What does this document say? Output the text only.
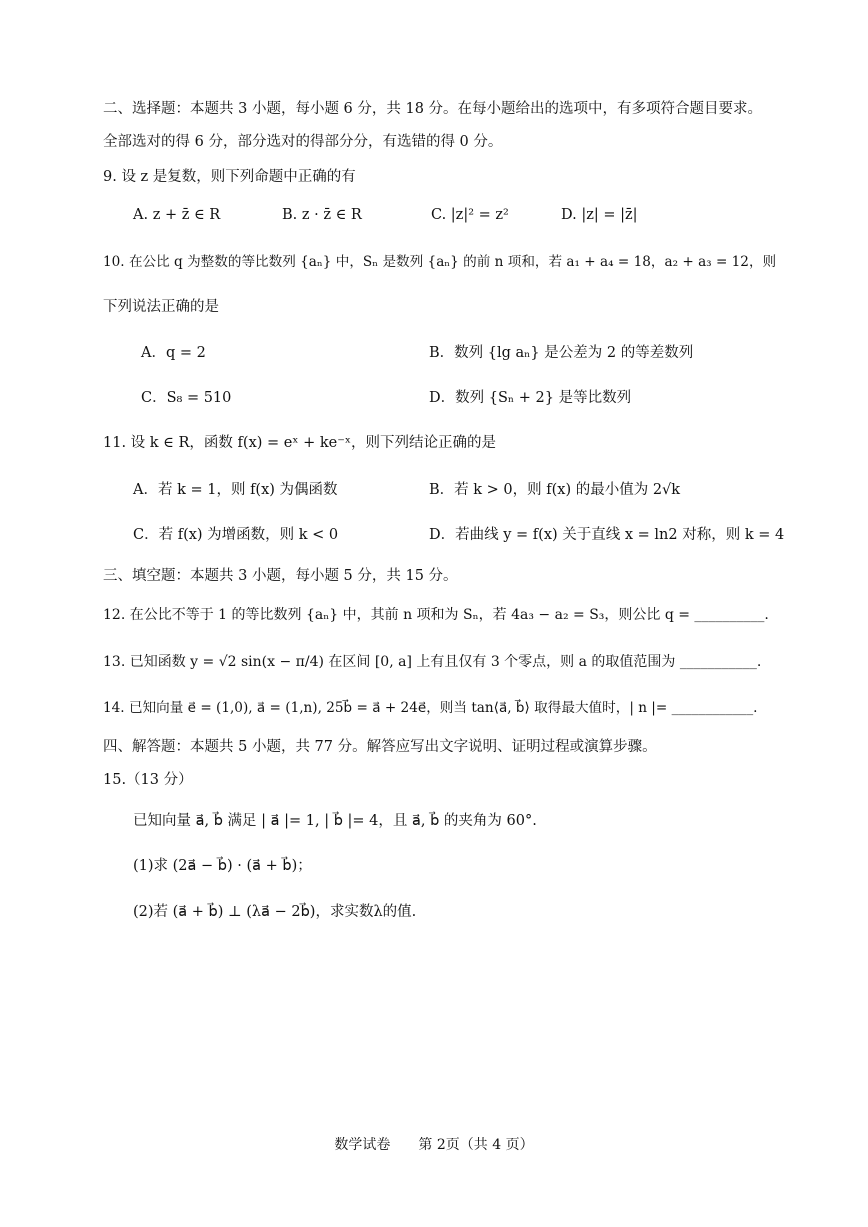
二、选择题：本题共 3 小题，每小题 6 分，共 18 分。在每小题给出的选项中，有多项符合题目要求。
全部选对的得 6 分，部分选对的得部分分，有选错的得 0 分。
9. 设 z 是复数，则下列命题中正确的有
A. z + z̄ ∈ R	B. z · z̄ ∈ R	C. |z|² = z²	D. |z| = |z̄|
10. 在公比 q 为整数的等比数列 {aₙ} 中，Sₙ 是数列 {aₙ} 的前 n 项和，若 a₁ + a₄ = 18，a₂ + a₃ = 12，则
下列说法正确的是
A．q = 2	B．数列 {lg aₙ} 是公差为 2 的等差数列
C．S₈ = 510	D．数列 {Sₙ + 2} 是等比数列
11. 设 k ∈ R，函数 f(x) = eˣ + ke⁻ˣ，则下列结论正确的是
A．若 k = 1，则 f(x) 为偶函数	B．若 k > 0，则 f(x) 的最小值为 2√k
C．若 f(x) 为增函数，则 k < 0	D．若曲线 y = f(x) 关于直线 x = ln2 对称，则 k = 4
三、填空题：本题共 3 小题，每小题 5 分，共 15 分。
12. 在公比不等于 1 的等比数列 {aₙ} 中，其前 n 项和为 Sₙ，若 4a₃ − a₂ = S₃，则公比 q = __________.
13. 已知函数 y = √2 sin(x − π/4) 在区间 [0, a] 上有且仅有 3 个零点，则 a 的取值范围为 ___________.
14. 已知向量 e⃗ = (1,0), a⃗ = (1,n), 25b⃗ = a⃗ + 24e⃗，则当 tan⟨a⃗, b⃗⟩ 取得最大值时，| n |= ____________.
四、解答题：本题共 5 小题，共 77 分。解答应写出文字说明、证明过程或演算步骤。
15.（13 分）
已知向量 a⃗, b⃗ 满足 | a⃗ |= 1, | b⃗ |= 4，且 a⃗, b⃗ 的夹角为 60°.
(1)求 (2a⃗ − b⃗) · (a⃗ + b⃗)；
(2)若 (a⃗ + b⃗) ⊥ (λa⃗ − 2b⃗)，求实数λ的值.
数学试卷　　第 2页（共 4 页）
